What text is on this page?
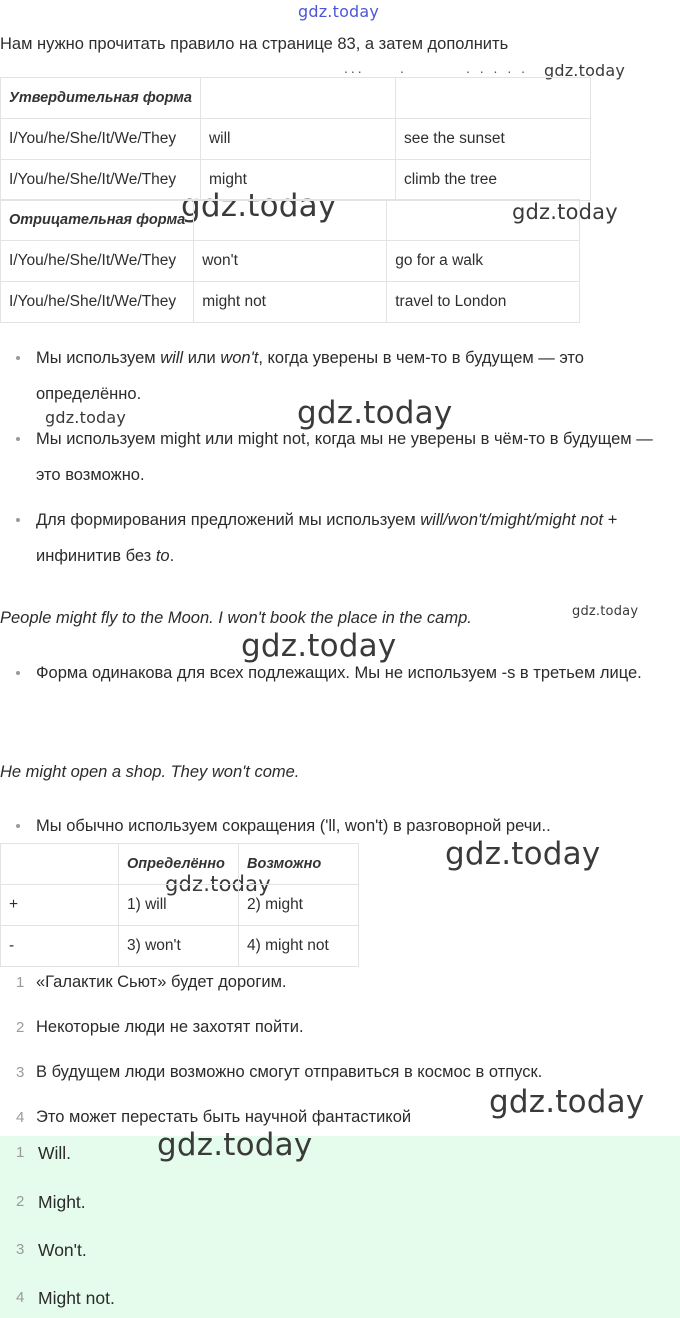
gdz.today
gdz.today
gdz.today	gdz.today
gdz.today
gdz.today
gdz.today
gdz.today
gdz.today
gdz.today
gdz.today
gdz.today
Нам нужно прочитать правило на странице 83, а затем дополнить
...	.	. . . . .
Утвердительная форма		
I/You/he/She/It/We/They	will	see the sunset
I/You/he/She/It/We/They	might	climb the tree
Отрицательная форма		
I/You/he/She/It/We/They	won't	go for a walk
I/You/he/She/It/We/They	might not	travel to London
Мы используем will или won't, когда уверены в чем-то в будущем — это определённо.
Мы используем might или might not, когда мы не уверены в чём-то в будущем — это возможно.
Для формирования предложений мы используем will/won't/might/might not + инфинитив без to.
People might fly to the Moon. I won't book the place in the camp.
Форма одинакова для всех подлежащих. Мы не используем -s в третьем лице.
He might open a shop. They won't come.
Мы обычно используем сокращения ('ll, won't) в разговорной речи..
	Определённо	Возможно
+	1) will	2) might
-	3) won't	4) might not
1 «Галактик Сьют» будет дорогим.
2 Некоторые люди не захотят пойти.
3 В будущем люди возможно смогут отправиться в космос в отпуск.
4 Это может перестать быть научной фантастикой
1 Will.
2 Might.
3 Won't.
4 Might not.
